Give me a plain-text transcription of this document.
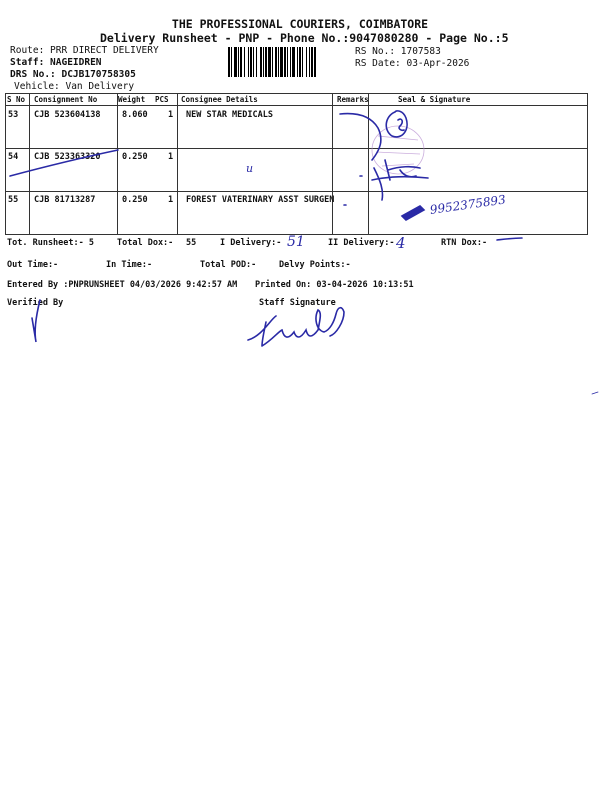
THE PROFESSIONAL COURIERS, COIMBATORE
Delivery Runsheet - PNP - Phone No.:9047080280 - Page No.:5
Route: PRR DIRECT DELIVERY
Staff: NAGEIDREN
DRS No.: DCJB170758305
Vehicle: Van Delivery
RS No.: 1707583
RS Date: 03-Apr-2026
S No Consignment No	Weight PCS Consignee Details	Remarks	Seal & Signature
53 CJB 523604138	8.060 1 NEW STAR MEDICALS
54 CJB 523363320	0.250 1
55 CJB 81713287	0.250 1 FOREST VATERINARY ASST SURGEN
Tot. Runsheet:- 5	Total Dox:- 55	I Delivery:-	II Delivery:-	RTN Dox:-
Out Time:-	In Time:-	Total POD:-	Delvy Points:-
Entered By :PNPRUNSHEET 04/03/2026 9:42:57 AM Printed On: 03-04-2026 10:13:51
Verified By	Staff Signature
51	4
9952375893
u
